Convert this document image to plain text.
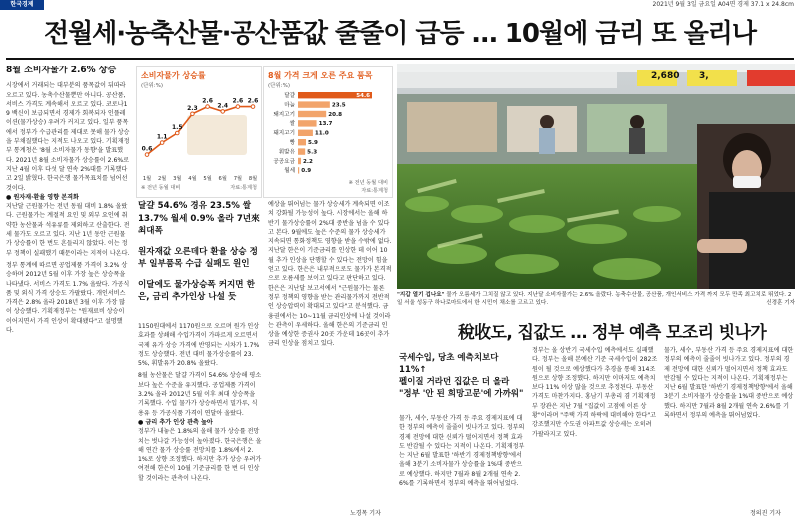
한국경제	2021년 9월 3일 금요일 A04면 경제 37.1 x 24.8cm
전월세·농축산물·공산품값 줄줄이 급등 … 10월에 금리 또 올리나

8월 소비자물가 2.6% 상승

시장에서 거래되는 대부분의 품목값이 뒤따라 오르고 있다. 농축수산물뿐만 아니다. 공산품, 서비스 가격도 계속해서 오르고 있다. 코로나19 백신이 보급되면서 경제가 회복되자 인플레이션(물가상승) 우려가 커지고 있다. 일부 품목에서 정부가 수급관리를 제대로 못해 물가 상승을 부채질했다는 지적도 나오고 있다. 기획재정부 통계청은 '8월 소비자물가 동향'을 발표했다. 2021년 8월 소비자물가 상승률이 2.6%로 지난 4월 이후 다섯 달 연속 2%대를 기록했다고 2일 밝혔다. 한국은행 물가목표치를 넘어선 것이다.

● 원자재·환율 영향 본격화

지난달 근원물가는 전년 동월 대비 1.8% 올랐다. 근원물가는 계절적 요인 및 외부 요인에 취약한 농산물과 석유류를 제외하고 산출한다. 전세 물가도 오르고 있다. 지난 1년 동안 근원물가 상승률이 한 번도 흔들리지 않았다. 이는 정부 정책이 실패했기 때문이라는 지적이 나온다.

정부 통계에 따르면 공업제품 가격이 3.2% 상승하며 2012년 5월 이후 가장 높은 상승폭을 나타냈다. 서비스 가격도 1.7% 올랐다. 가공식품 및 외식 가격 상승도 가팔랐다. 개인서비스 가격은 2.8% 올라 2018년 3월 이후 가장 많이 상승했다. 기획재정부는 "원재료비 상승이 이어지면서 가격 인상이 확대됐다"고 설명했다.

소비자물가 상승률
(단위:%)
0.6
1월
1.1
2월
1.5
3월
2.3
4월
2.6
5월
2.4
6월
2.6
7월
2.6
8월
※ 전년 동월 대비	자료:통계청
8월 가격 크게 오른 주요 품목
(단위:%)
달걀	54.6
마늘	23.5
돼지고기	20.8
쌀	13.7
돼지고기	11.0
빵 5.9
휘발유 5.3
공공요금 2.2
월세 0.9
※ 전년 동월 대비
자료:통계청

달걀 54.6% 경유 23.5% 쌀 13.7% 월세 0.9% 올라 7년來 최대폭

원자재값 오른데다 환율 상승 정부 일부품목 수급 실패도 원인

이달에도 물가상승폭 커지면 한은, 금리 추가인상 나설 듯

1150원대에서 1170원으로 오르며 원가 인상 효과를 상쇄해 수입가격이 가파르게 오르면서 국제 유가 상승 가격에 반영되는 시차가 1.7% 정도 상승했다. 전년 대비 물가상승률이 23.5%, 휘발유가 20.8% 올랐다.

8월 농산물은 달걀 가격이 54.6% 상승해 평소보다 높은 수준을 유지했다. 공업제품 가격이 3.2% 올라 2012년 5월 이후 최대 상승폭을 기록했다. 수입 물가가 상승하면서 밀가루, 식용유 등 가공식품 가격이 연달아 올랐다.

● 금리 추가 인상 관측 높아

정부가 내놓은 1.8%의 올해 물가 상승률 전망치는 벗나갈 가능성이 높아졌다. 한국은행은 올해 연간 물가 상승률 전망치를 1.8%에서 2.1%로 상향 조정했다. 하지만 추가 상승 우려가 여전해 한은이 10월 기준금리를 한 번 더 인상할 것이라는 관측이 나온다.

예상을 뛰어넘는 물가 상승세가 계속되면 이조치 강화될 가능성이 높다. 시장에서는 올해 하반기 물가상승률이 2%대 중반을 넘을 수 있다고 본다. 9월에도 높은 수준의 물가 상승세가 지속되면 통화정책도 영향을 받을 수밖에 없다. 지난달 한은이 기준금리를 인상한 데 이어 10월 추가 인상을 단행할 수 있다는 전망이 힘을 얻고 있다. 한은은 내부적으로도 물가가 본격적으로 오름세를 보이고 있다고 판단하고 있다. 한은은 지난달 보고서에서 "근원물가는 물론 정부 정책의 영향을 받는 관리물가까지 전반적인 상승압력이 확대되고 있다"고 분석했다. 금융권에서는 10~11월 금리인상에 나설 것이라는 관측이 우세하다. 올해 한은의 기준금리 인상을 예상한 증권사 20곳 가운데 16곳이 추가 금리 인상을 점치고 있다.

노경목 기자
2,680 3,
"지갑 열기 겁나요" 물가 오름세가 그치질 않고 있다. 지난달 소비자물가는 2.6% 올랐다. 농축수산물, 공산품, 개인서비스 가격 까지 모두 만족 최고치로 뛰었다. 2일 서울 성동구 하나로마트에서 한 시민이 채소를 고르고 있다.	신경훈 기자
稅收도, 집값도 … 정부 예측 모조리 빗나가

국세수입, 당초 예측치보다 11%↑

펠이질 거라던 집값은 더 올라

"정부 '안 된 희망고문'에 가까워"

물가, 세수, 부동산 가격 등 주요 경제지표에 대한 정부의 예측이 줄줄이 빗나가고 있다. 정부의 경제 전망에 대한 신뢰가 떨어지면서 정책 효과도 반감될 수 있다는 지적이 나온다. 기획재정부는 지난 6월 발표한 '하반기 경제정책방향'에서 올해 3분기 소비자물가 상승률을 1%대 중반으로 예상했다. 하지만 7월과 8월 2개월 연속 2.6%를 기록하면서 정부의 예측을 뛰어넘었다.

정부는 올 상반기 국세수입 예측에서도 실패했다. 정부는 올해 본예산 기준 국세수입이 282조원이 될 것으로 예상했다가 추경을 통해 314조원으로 상향 조정했다. 하지만 이마저도 예측치보다 11% 이상 많을 것으로 추정된다. 부동산 가격도 마찬가지다. 홍남기 부총리 겸 기획재정부 장관은 지난 7월 "집값이 고점에 이른 상황"이라며 "주택 가격 하락에 대비해야 한다"고 강조했지만 수도권 아파트값 상승세는 오히려 가팔라지고 있다.

물가, 세수, 부동산 가격 등 주요 경제지표에 대한 정부의 예측이 줄줄이 빗나가고 있다. 정부의 경제 전망에 대한 신뢰가 떨어지면서 정책 효과도 반감될 수 있다는 지적이 나온다. 기획재정부는 지난 6월 발표한 '하반기 경제정책방향'에서 올해 3분기 소비자물가 상승률을 1%대 중반으로 예상했다. 하지만 7월과 8월 2개월 연속 2.6%를 기록하면서 정부의 예측을 뛰어넘었다.

정의진 기자
